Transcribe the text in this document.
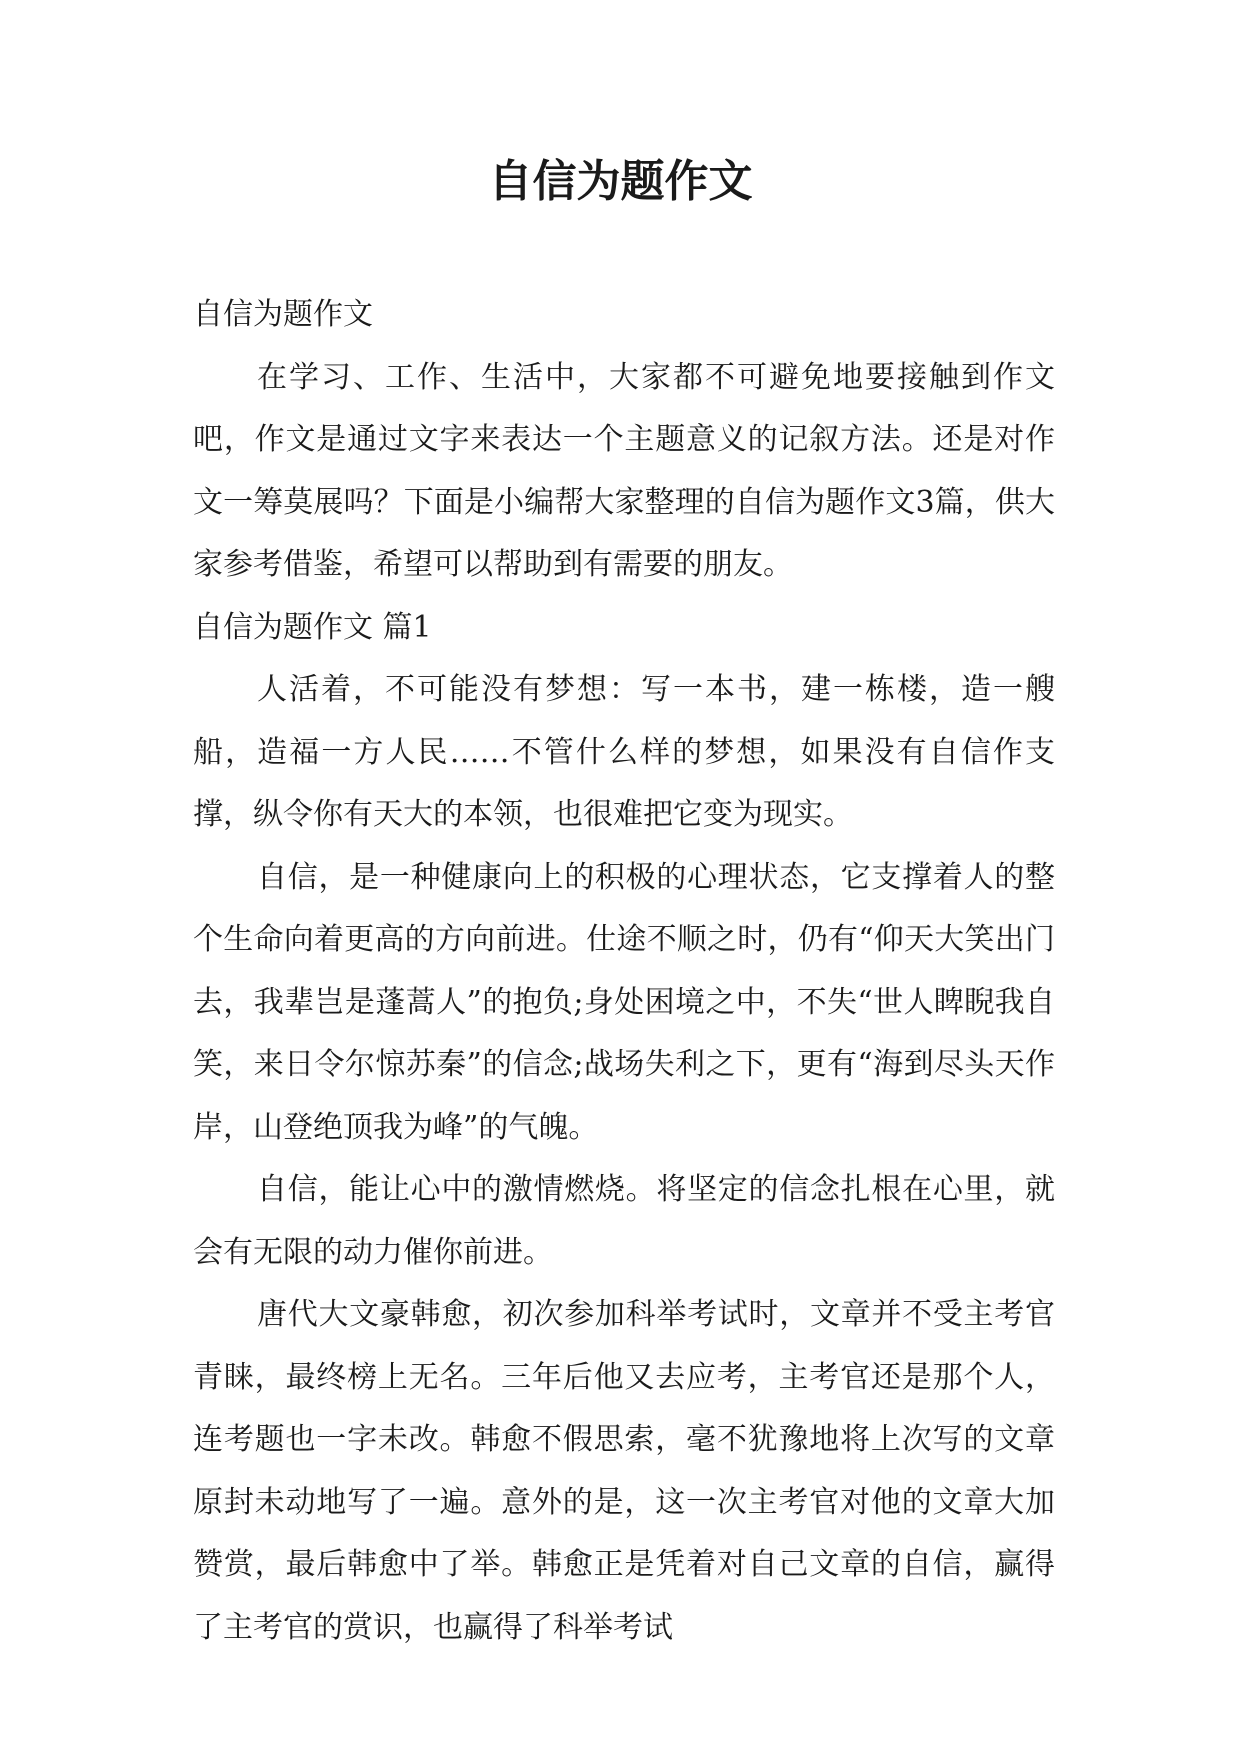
自信为题作文

自信为题作文

在学习、工作、生活中，大家都不可避免地要接触到作文吧，作文是通过文字来表达一个主题意义的记叙方法。还是对作文一筹莫展吗？下面是小编帮大家整理的自信为题作文3篇，供大家参考借鉴，希望可以帮助到有需要的朋友。

自信为题作文 篇1

人活着，不可能没有梦想：写一本书，建一栋楼，造一艘船，造福一方人民……不管什么样的梦想，如果没有自信作支撑，纵令你有天大的本领，也很难把它变为现实。

自信，是一种健康向上的积极的心理状态，它支撑着人的整个生命向着更高的方向前进。仕途不顺之时，仍有“仰天大笑出门去，我辈岂是蓬蒿人”的抱负;身处困境之中，不失“世人睥睨我自笑，来日令尔惊苏秦”的信念;战场失利之下，更有“海到尽头天作岸，山登绝顶我为峰”的气魄。

自信，能让心中的激情燃烧。将坚定的信念扎根在心里，就会有无限的动力催你前进。

唐代大文豪韩愈，初次参加科举考试时，文章并不受主考官青睐，最终榜上无名。三年后他又去应考，主考官还是那个人，连考题也一字未改。韩愈不假思索，毫不犹豫地将上次写的文章原封未动地写了一遍。意外的是，这一次主考官对他的文章大加赞赏，最后韩愈中了举。韩愈正是凭着对自己文章的自信，赢得了主考官的赏识，也赢得了科举考试
